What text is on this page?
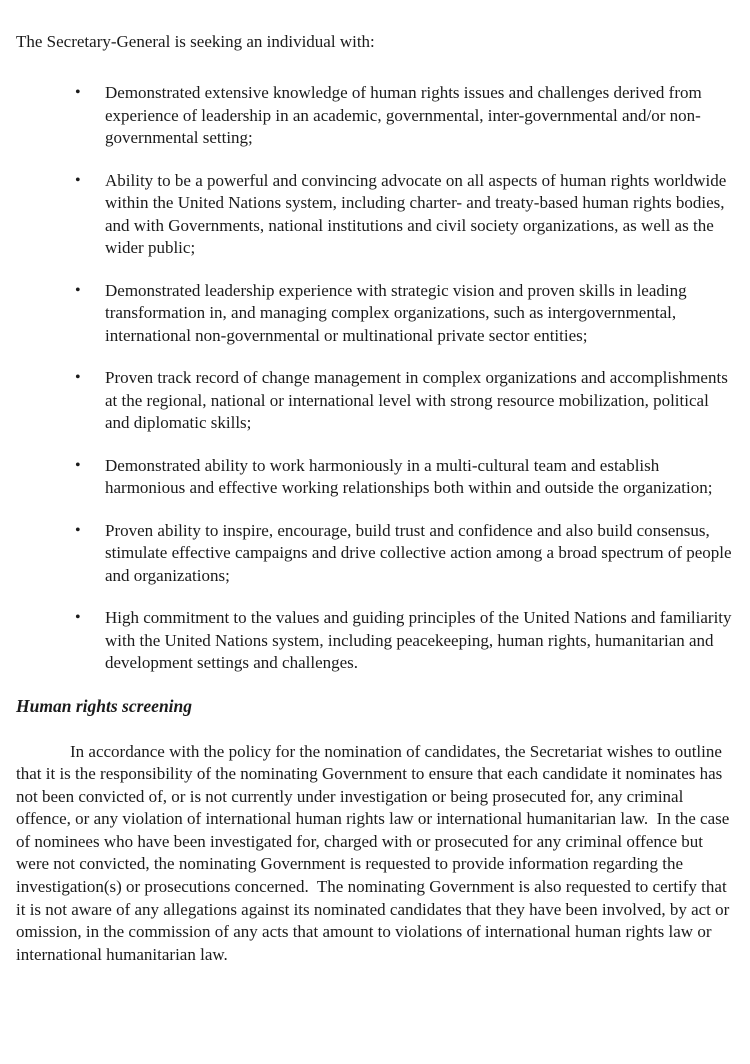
The Secretary-General is seeking an individual with:

• Demonstrated extensive knowledge of human rights issues and challenges derived from experience of leadership in an academic, governmental, inter-governmental and/or non-governmental setting;
• Ability to be a powerful and convincing advocate on all aspects of human rights worldwide within the United Nations system, including charter- and treaty-based human rights bodies, and with Governments, national institutions and civil society organizations, as well as the wider public;
• Demonstrated leadership experience with strategic vision and proven skills in leading transformation in, and managing complex organizations, such as intergovernmental, international non-governmental or multinational private sector entities;
• Proven track record of change management in complex organizations and accomplishments at the regional, national or international level with strong resource mobilization, political and diplomatic skills;
• Demonstrated ability to work harmoniously in a multi-cultural team and establish harmonious and effective working relationships both within and outside the organization;
• Proven ability to inspire, encourage, build trust and confidence and also build consensus, stimulate effective campaigns and drive collective action among a broad spectrum of people and organizations;
• High commitment to the values and guiding principles of the United Nations and familiarity with the United Nations system, including peacekeeping, human rights, humanitarian and development settings and challenges.
Human rights screening

In accordance with the policy for the nomination of candidates, the Secretariat wishes to outline that it is the responsibility of the nominating Government to ensure that each candidate it nominates has not been convicted of, or is not currently under investigation or being prosecuted for, any criminal offence, or any violation of international human rights law or international humanitarian law.  In the case of nominees who have been investigated for, charged with or prosecuted for any criminal offence but were not convicted, the nominating Government is requested to provide information regarding the investigation(s) or prosecutions concerned.  The nominating Government is also requested to certify that it is not aware of any allegations against its nominated candidates that they have been involved, by act or omission, in the commission of any acts that amount to violations of international human rights law or international humanitarian law.
